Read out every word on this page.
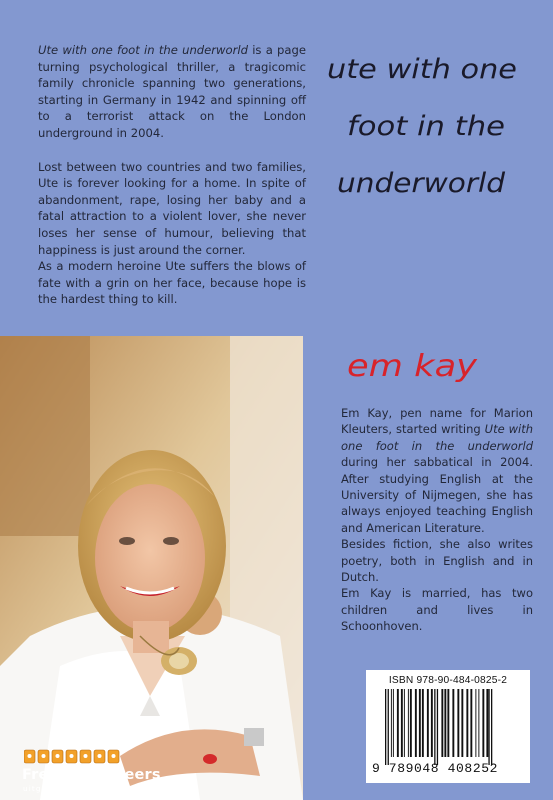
Ute with one foot in the underworld is a page turning psychological thriller, a tragicomic family chronicle spanning two generations, starting in Germany in 1942 and spinning off to a terrorist attack on the London underground in 2004.

Lost between two countries and two families, Ute is forever looking for a home. In spite of abandonment, rape, losing her baby and a fatal attraction to a violent lover, she never loses her sense of humour, believing that happiness is just around the corner.

As a modern heroine Ute suffers the blows of fate with a grin on her face, because hope is the hardest thing to kill.

ute with one
foot in the
underworld
em kay

Em Kay, pen name for Marion Kleuters, started writing Ute with one foot in the underworld during her sabbatical in 2004. After studying English at the University of Nijmegen, she has always enjoyed teaching English and American Literature.

Besides fiction, she also writes poetry, both in English and in Dutch.

Em Kay is married, has two children and lives in Schoonhoven.

ISBN 978-90-484-0825-2
9 789048 408252
Free Musketeers
uitgeverij en producties
